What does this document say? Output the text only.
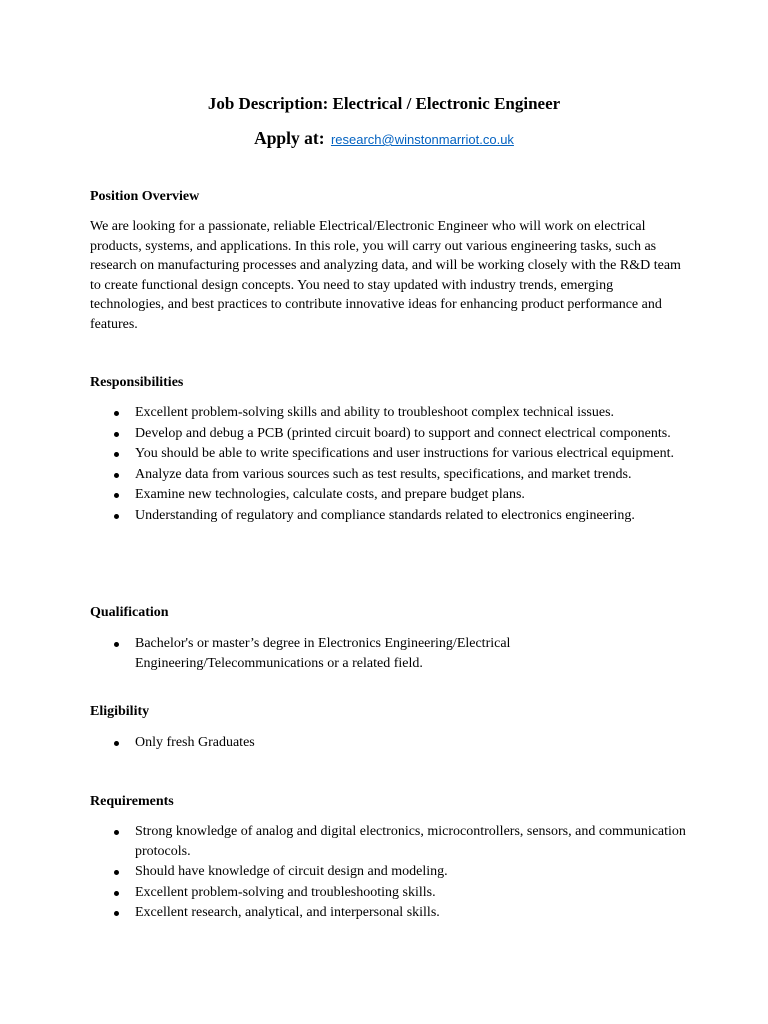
Job Description: Electrical / Electronic Engineer
Apply at: research@winstonmarriot.co.uk
Position Overview

We are looking for a passionate, reliable Electrical/Electronic Engineer who will work on electrical products, systems, and applications. In this role, you will carry out various engineering tasks, such as research on manufacturing processes and analyzing data, and will be working closely with the R&D team to create functional design concepts. You need to stay updated with industry trends, emerging technologies, and best practices to contribute innovative ideas for enhancing product performance and features.

Responsibilities
Excellent problem-solving skills and ability to troubleshoot complex technical issues.
Develop and debug a PCB (printed circuit board) to support and connect electrical components.
You should be able to write specifications and user instructions for various electrical equipment.
Analyze data from various sources such as test results, specifications, and market trends.
Examine new technologies, calculate costs, and prepare budget plans.
Understanding of regulatory and compliance standards related to electronics engineering.
Qualification
Bachelor's or master’s degree in Electronics Engineering/Electrical Engineering/Telecommunications or a related field.
Eligibility
Only fresh Graduates
Requirements
Strong knowledge of analog and digital electronics, microcontrollers, sensors, and communication protocols.
Should have knowledge of circuit design and modeling.
Excellent problem-solving and troubleshooting skills.
Excellent research, analytical, and interpersonal skills.
